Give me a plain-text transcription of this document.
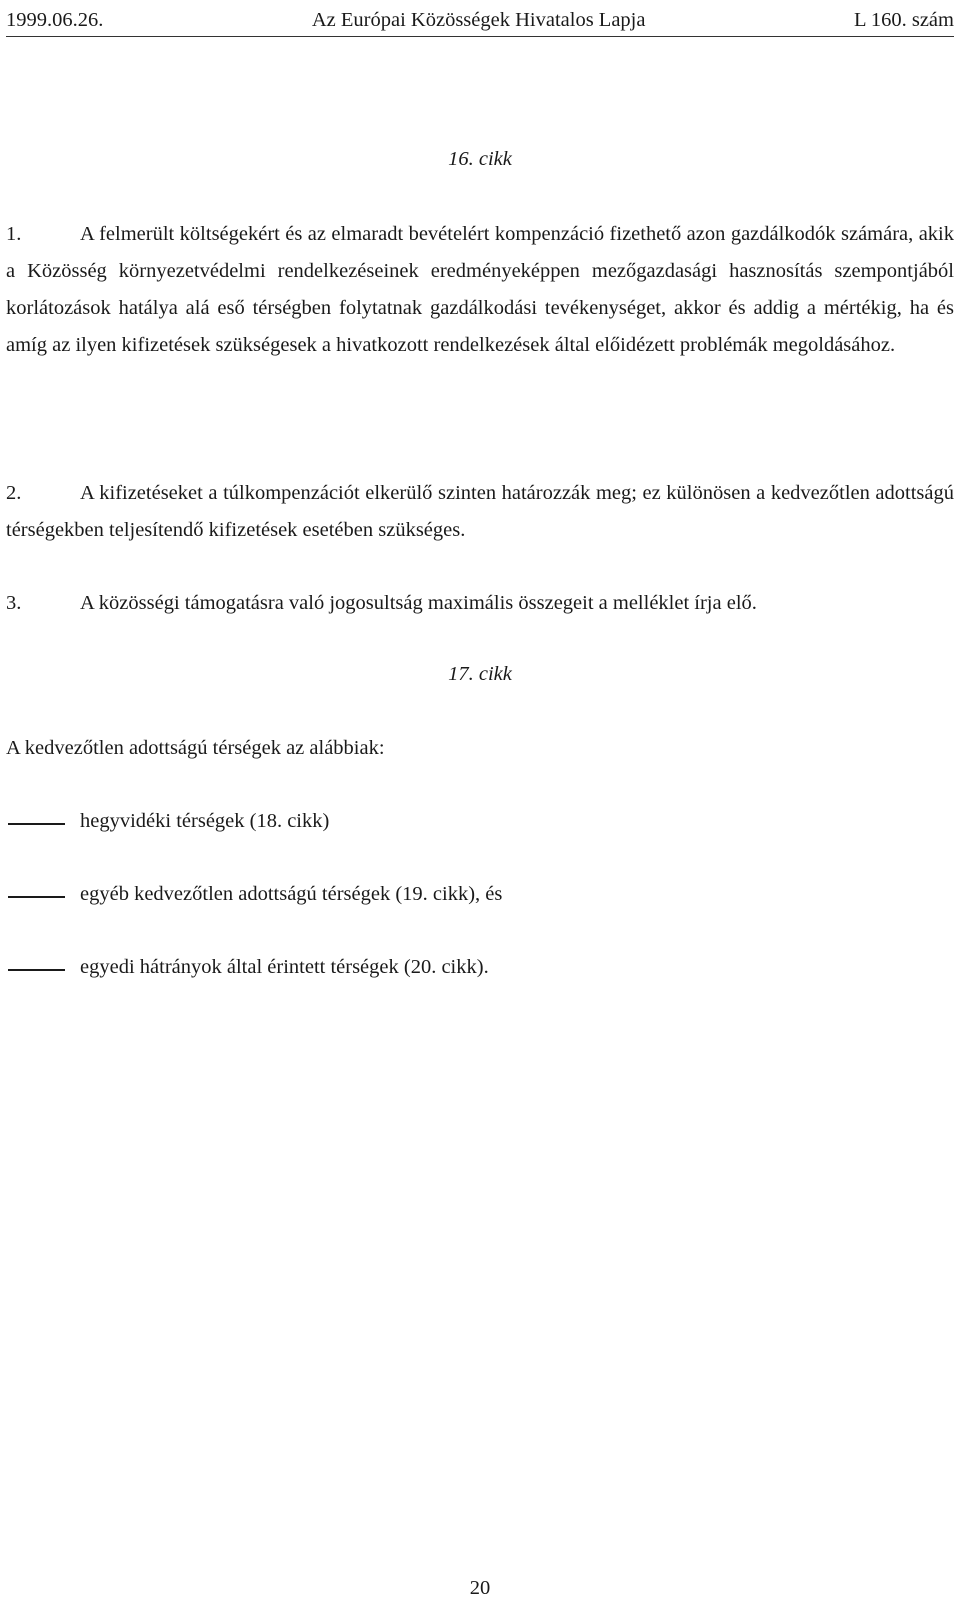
1999.06.26.	Az Európai Közösségek Hivatalos Lapja	L 160. szám
16. cikk
1.	A felmerült költségekért és az elmaradt bevételért kompenzáció fizethető azon gazdálkodók számára, akik a Közösség környezetvédelmi rendelkezéseinek eredményeképpen mezőgazdasági hasznosítás szempontjából korlátozások hatálya alá eső térségben folytatnak gazdálkodási tevékenységet, akkor és addig a mértékig, ha és amíg az ilyen kifizetések szükségesek a hivatkozott rendelkezések által előidézett problémák megoldásához.
2.	A kifizetéseket a túlkompenzációt elkerülő szinten határozzák meg; ez különösen a kedvezőtlen adottságú térségekben teljesítendő kifizetések esetében szükséges.
3.	A közösségi támogatásra való jogosultság maximális összegeit a melléklet írja elő.
17. cikk
A kedvezőtlen adottságú térségek az alábbiak:
hegyvidéki térségek (18. cikk)
egyéb kedvezőtlen adottságú térségek (19. cikk), és
egyedi hátrányok által érintett térségek (20. cikk).
20
